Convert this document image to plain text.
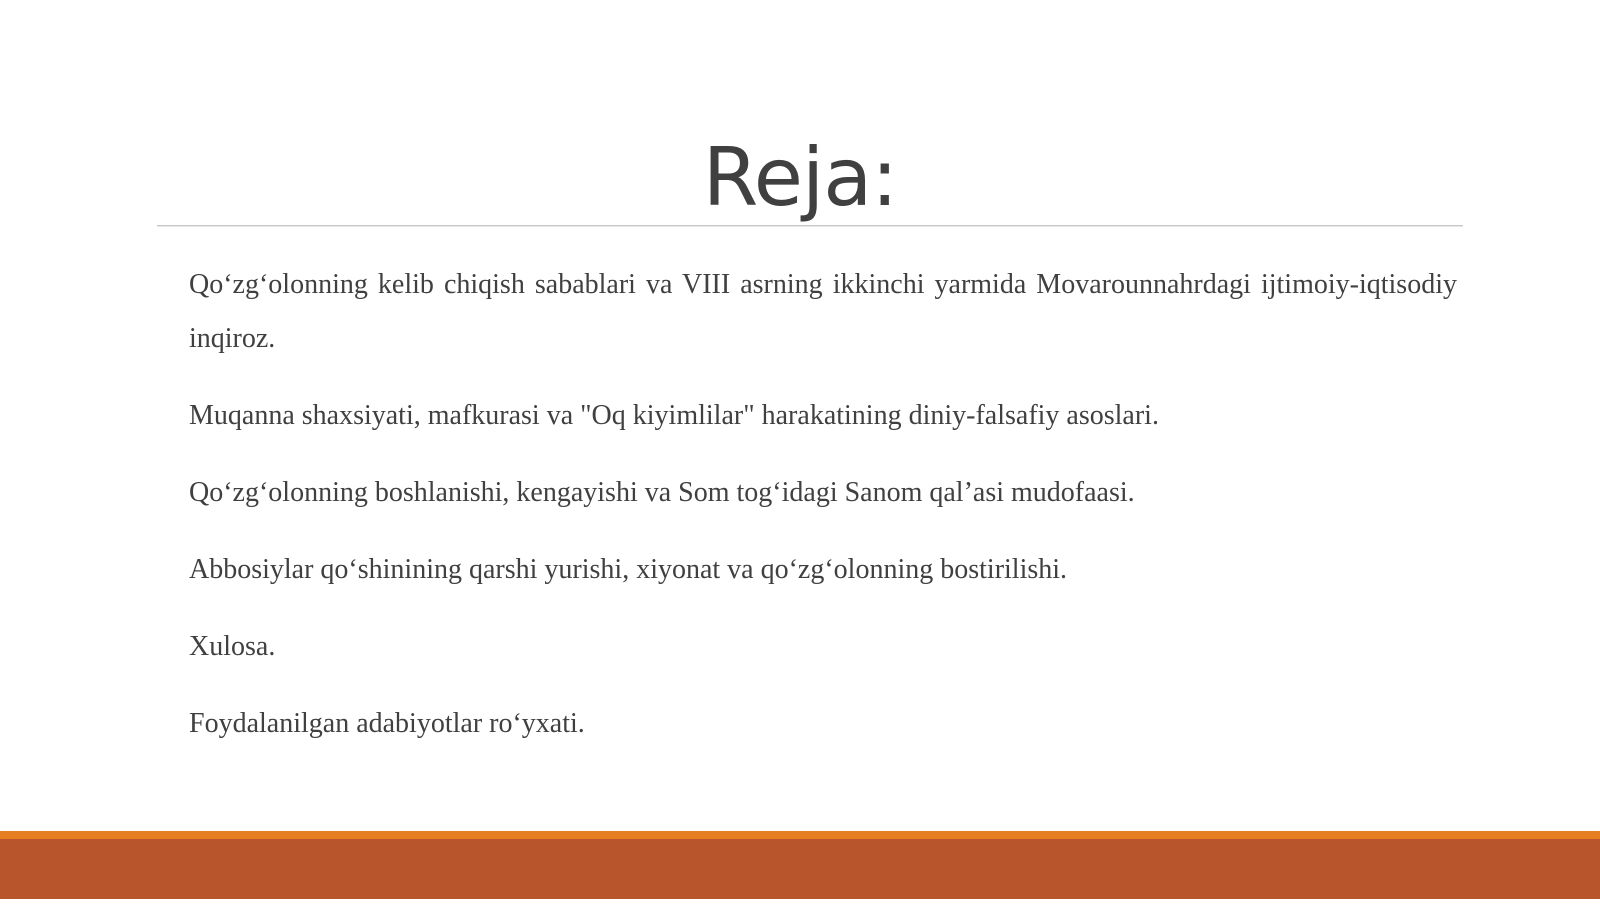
Reja:
Qo‘zg‘olonning kelib chiqish sabablari va VIII asrning ikkinchi yarmida Movarounnahrdagi ijtimoiy-iqtisodiy inqiroz.
Muqanna shaxsiyati, mafkurasi va "Oq kiyimlilar" harakatining diniy-falsafiy asoslari.
Qo‘zg‘olonning boshlanishi, kengayishi va Som tog‘idagi Sanom qal’asi mudofaasi.
Abbosiylar qo‘shinining qarshi yurishi, xiyonat va qo‘zg‘olonning bostirilishi.
Xulosa.
Foydalanilgan adabiyotlar ro‘yxati.
